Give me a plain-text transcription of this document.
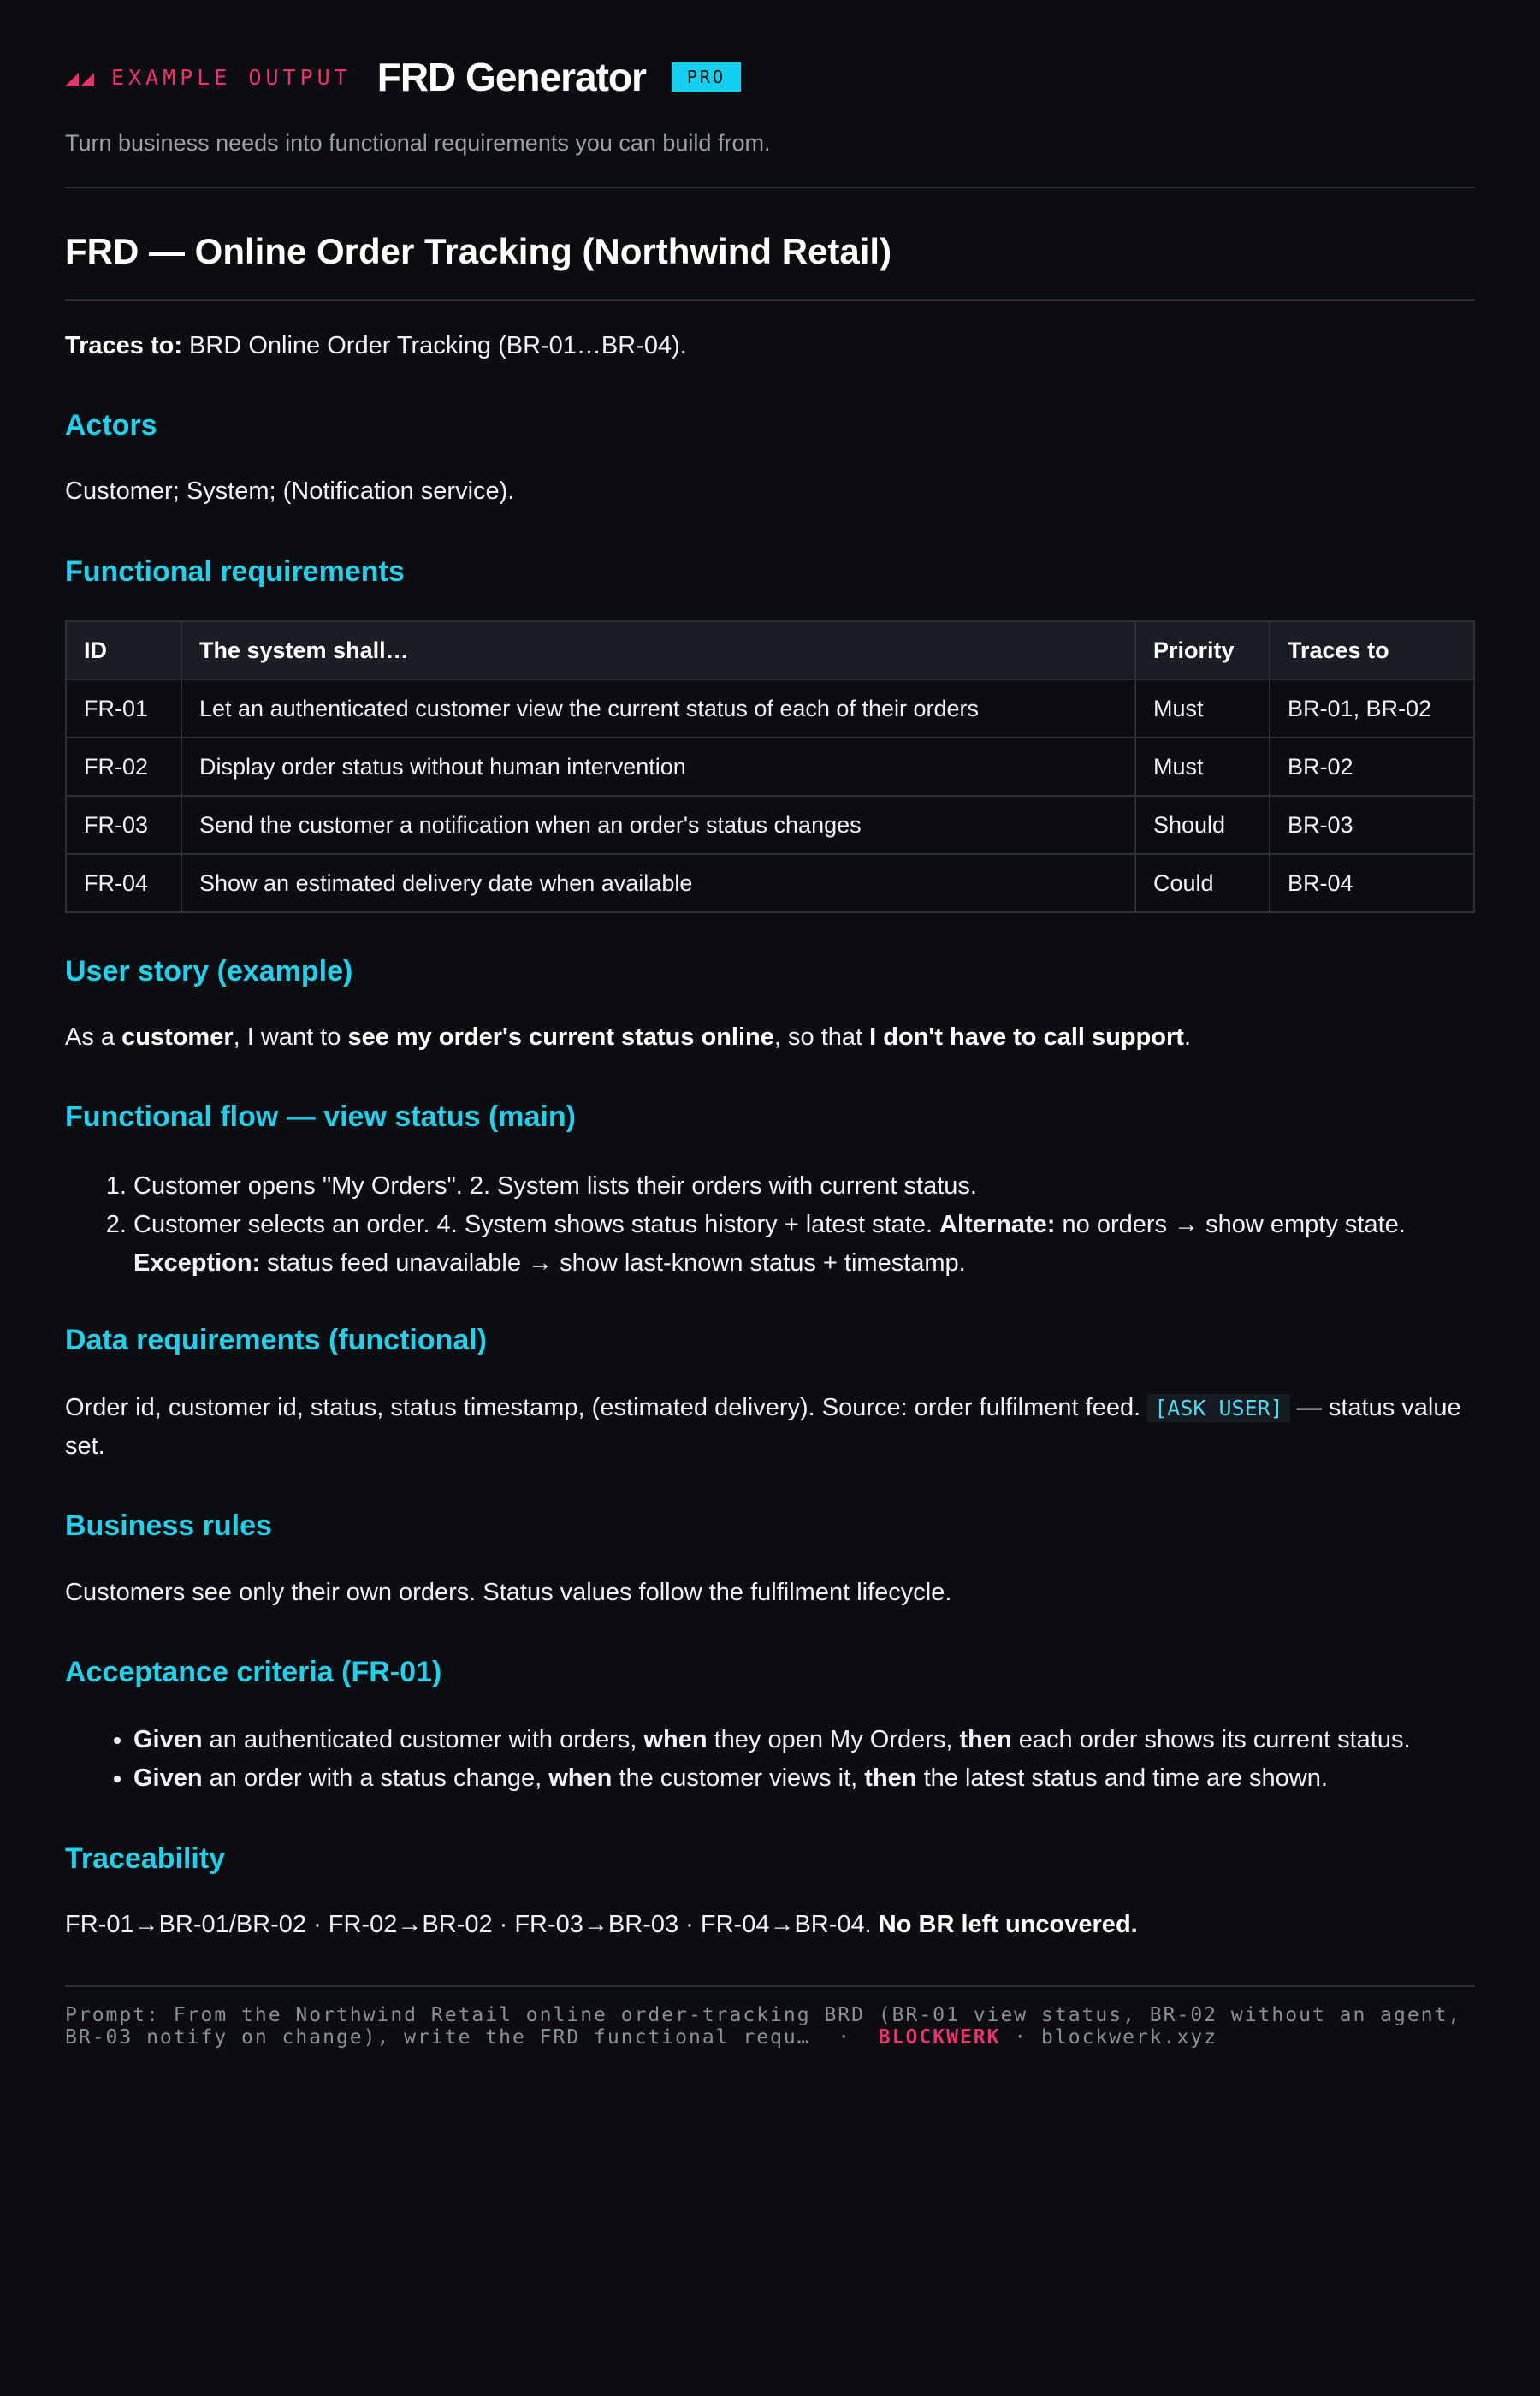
EXAMPLE OUTPUT FRD Generator	PRO
Turn business needs into functional requirements you can build from.
FRD — Online Order Tracking (Northwind Retail)

Traces to: BRD Online Order Tracking (BR-01…BR-04).

Actors

Customer; System; (Notification service).

Functional requirements
ID	The system shall…	Priority	Traces to
FR-01	Let an authenticated customer view the current status of each of their orders	Must	BR-01, BR-02
FR-02	Display order status without human intervention	Must	BR-02
FR-03	Send the customer a notification when an order's status changes	Should	BR-03
FR-04	Show an estimated delivery date when available	Could	BR-04
User story (example)

As a customer, I want to see my order's current status online, so that I don't have to call support.

Functional flow — view status (main)
1. Customer opens "My Orders". 2. System lists their orders with current status.
2. Customer selects an order. 4. System shows status history + latest state. Alternate: no orders → show empty state. Exception: status feed unavailable → show last-known status + timestamp.
Data requirements (functional)

Order id, customer id, status, status timestamp, (estimated delivery). Source: order fulfilment feed. [ASK USER] — status value set.

Business rules

Customers see only their own orders. Status values follow the fulfilment lifecycle.

Acceptance criteria (FR-01)
• Given an authenticated customer with orders, when they open My Orders, then each order shows its current status.
• Given an order with a status change, when the customer views it, then the latest status and time are shown.
Traceability

FR-01→BR-01/BR-02 · FR-02→BR-02 · FR-03→BR-03 · FR-04→BR-04. No BR left uncovered.

Prompt: From the Northwind Retail online order-tracking BRD (BR-01 view status, BR-02 without an agent,
BR-03 notify on change), write the FRD functional requ…  ·  BLOCKWERK · blockwerk.xyz
